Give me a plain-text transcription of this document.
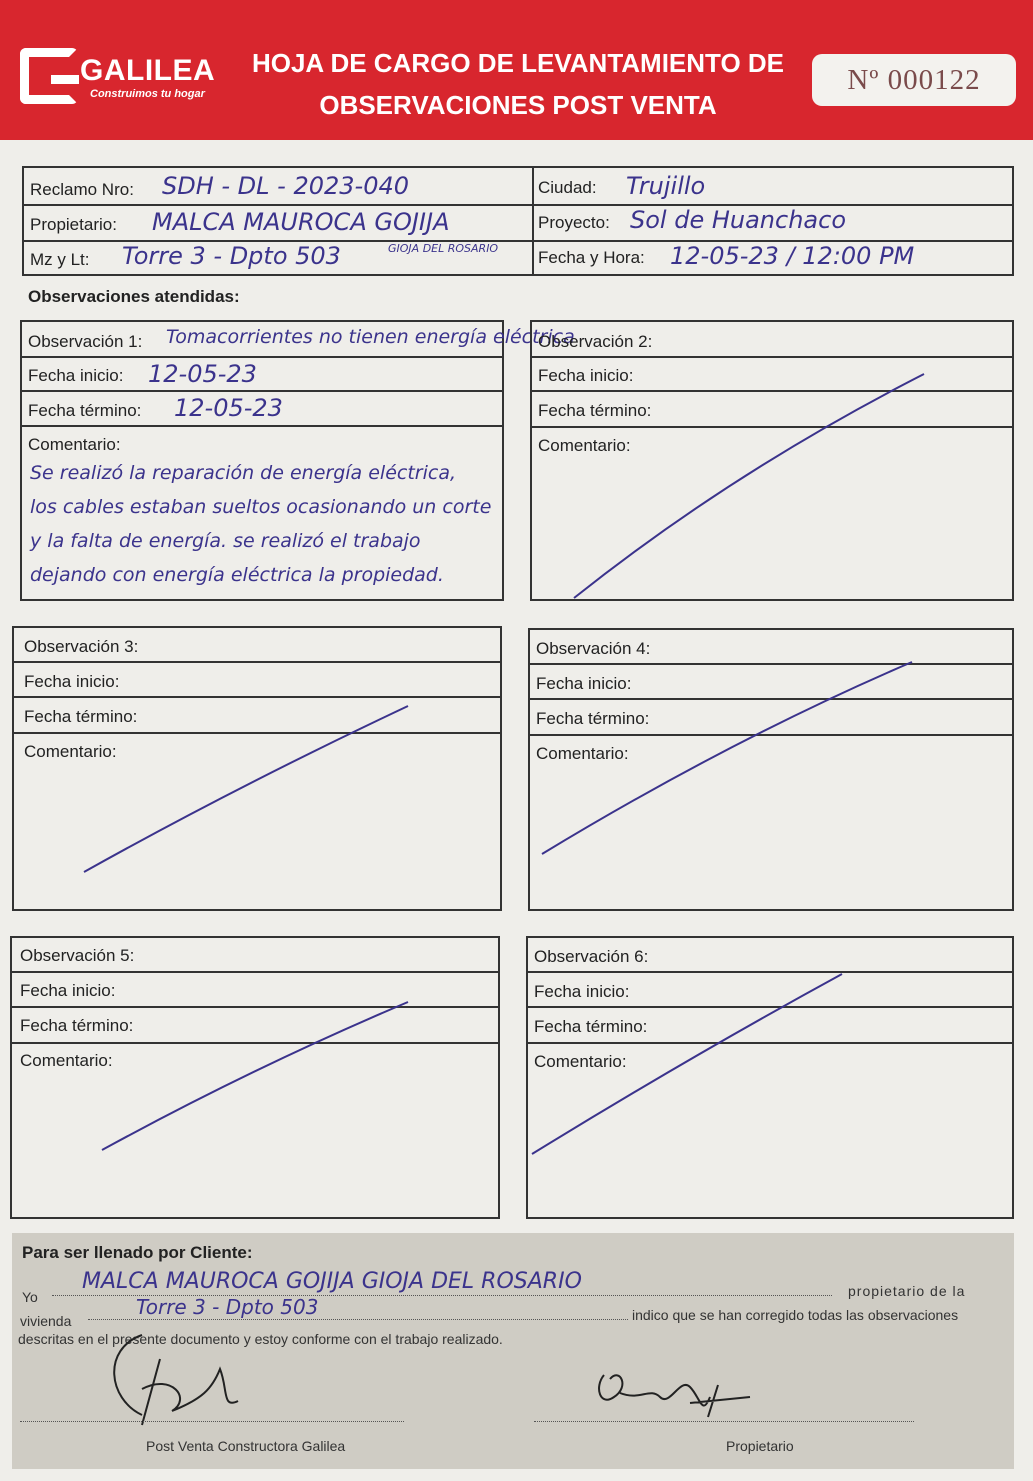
GALILEA
Construimos tu hogar
HOJA DE CARGO DE LEVANTAMIENTO DE
OBSERVACIONES POST VENTA
Nº 000122
Reclamo Nro: SDH - DL - 2023-040	Ciudad: Trujillo
Propietario: MALCA MAUROCA GOJIJA	Proyecto: Sol de Huanchaco
Mz y Lt: Torre 3 - Dpto 503	GIOJA DEL ROSARIO Fecha y Hora: 12-05-23 / 12:00 PM
Observaciones atendidas:
Observación 1: Tomacorrientes no tienen energía eléctrica
Fecha inicio: 12-05-23
Fecha término: 12-05-23
Comentario:
Se realizó la reparación de energía eléctrica,
los cables estaban sueltos ocasionando un corte
y la falta de energía. se realizó el trabajo
dejando con energía eléctrica la propiedad.
Observación 2:
Fecha inicio:
Fecha término:
Comentario:
Observación 3:
Fecha inicio:
Fecha término:
Comentario:
Observación 4:
Fecha inicio:
Fecha término:
Comentario:
Observación 5:
Fecha inicio:
Fecha término:
Comentario:
Observación 6:
Fecha inicio:
Fecha término:
Comentario:
Para ser llenado por Cliente:
Yo
MALCA MAUROCA GOJIJA GIOJA DEL ROSARIO	propietario de la
vivienda
Torre 3 - Dpto 503	indico que se han corregido todas las observaciones
descritas en el presente documento y estoy conforme con el trabajo realizado.
Post Venta Constructora Galilea	Propietario
